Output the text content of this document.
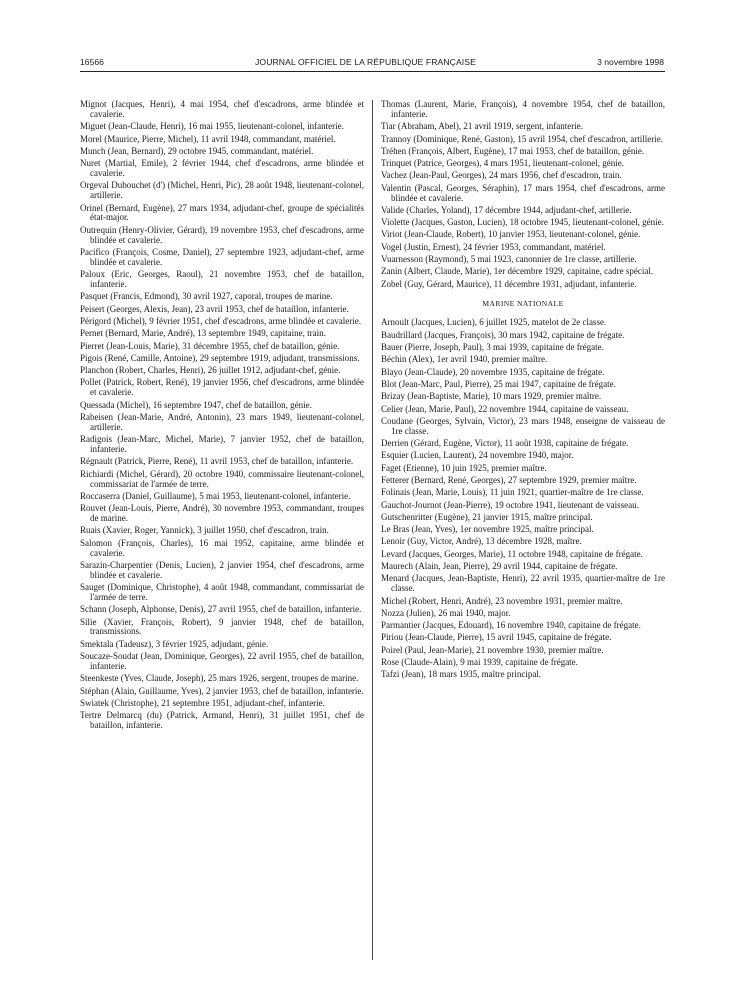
16566	JOURNAL OFFICIEL DE LA RÉPUBLIQUE FRANÇAISE	3 novembre 1998

Mignot (Jacques, Henri), 4 mai 1954, chef d'escadrons, arme blindée et cavalerie.

Miguet (Jean-Claude, Henri), 16 mai 1955, lieutenant-colonel, infanterie.

Morel (Maurice, Pierre, Michel), 11 avril 1948, commandant, matériel.

Munch (Jean, Bernard), 29 octobre 1945, commandant, matériel.

Nuret (Martial, Emile), 2 février 1944, chef d'escadrons, arme blindée et cavalerie.

Orgeval Dubouchet (d') (Michel, Henri, Pic), 28 août 1948, lieutenant-colonel, artillerie.

Orinel (Bernard, Eugène), 27 mars 1934, adjudant-chef, groupe de spécialités état-major.

Outrequin (Henry-Olivier, Gérard), 19 novembre 1953, chef d'escadrons, arme blindée et cavalerie.

Pacifico (François, Cosme, Daniel), 27 septembre 1923, adjudant-chef, arme blindée et cavalerie.

Paloux (Eric, Georges, Raoul), 21 novembre 1953, chef de bataillon, infanterie.

Pasquet (Francis, Edmond), 30 avril 1927, caporal, troupes de marine.

Peisert (Georges, Alexis, Jean), 23 avril 1953, chef de bataillon, infanterie.

Périgord (Michel), 9 février 1951, chef d'escadrons, arme blindée et cavalerie.

Pernet (Bernard, Marie, André), 13 septembre 1949, capitaine, train.

Pierret (Jean-Louis, Marie), 31 décembre 1955, chef de bataillon, génie.

Pigois (René, Camille, Antoine), 29 septembre 1919, adjudant, transmissions.

Planchon (Robert, Charles, Henri), 26 juillet 1912, adjudant-chef, génie.

Pollet (Patrick, Robert, René), 19 janvier 1956, chef d'escadrons, arme blindée et cavalerie.

Quessada (Michel), 16 septembre 1947, chef de bataillon, génie.

Rabeisen (Jean-Marie, André, Antonin), 23 mars 1949, lieutenant-colonel, artillerie.

Radigois (Jean-Marc, Michel, Marie), 7 janvier 1952, chef de bataillon, infanterie.

Régnault (Patrick, Pierre, René), 11 avril 1953, chef de bataillon, infanterie.

Richiardi (Michel, Gérard), 20 octobre 1940, commissaire lieutenant-colonel, commissariat de l'armée de terre.

Roccaserra (Daniel, Guillaume), 5 mai 1953, lieutenant-colonel, infanterie.

Rouvet (Jean-Louis, Pierre, André), 30 novembre 1953, commandant, troupes de marine.

Ruais (Xavier, Roger, Yannick), 3 juillet 1950, chef d'escadron, train.

Salomon (François, Charles), 16 mai 1952, capitaine, arme blindée et cavalerie.

Sarazin-Charpentier (Denis, Lucien), 2 janvier 1954, chef d'escadrons, arme blindée et cavalerie.

Sauget (Dominique, Christophe), 4 août 1948, commandant, commissariat de l'armée de terre.

Schann (Joseph, Alphonse, Denis), 27 avril 1955, chef de bataillon, infanterie.

Silie (Xavier, François, Robert), 9 janvier 1948, chef de bataillon, transmissions.

Smektala (Tadeusz), 3 février 1925, adjudant, génie.

Soucaze-Soudat (Jean, Dominique, Georges), 22 avril 1955, chef de bataillon, infanterie.

Steenkeste (Yves, Claude, Joseph), 25 mars 1926, sergent, troupes de marine.

Stéphan (Alain, Guillaume, Yves), 2 janvier 1953, chef de bataillon, infanterie.

Swiatek (Christophe), 21 septembre 1951, adjudant-chef, infanterie.

Tertre Delmarcq (du) (Patrick, Armand, Henri), 31 juillet 1951, chef de bataillon, infanterie.

Thomas (Laurent, Marie, François), 4 novembre 1954, chef de bataillon, infanterie.

Tiar (Abraham, Abel), 21 avril 1919, sergent, infanterie.

Trannoy (Dominique, René, Gaston), 15 avril 1954, chef d'escadron, artillerie.

Tréhen (François, Albert, Eugène), 17 mai 1953, chef de bataillon, génie.

Trinquet (Patrice, Georges), 4 mars 1951, lieutenant-colonel, génie.

Vachez (Jean-Paul, Georges), 24 mars 1956, chef d'escadron, train.

Valentin (Pascal, Georges, Séraphin), 17 mars 1954, chef d'escadrons, arme blindée et cavalerie.

Valide (Charles, Yoland), 17 décembre 1944, adjudant-chef, artillerie.

Violette (Jacques, Gaston, Lucien), 18 octobre 1945, lieutenant-colonel, génie.

Viriot (Jean-Claude, Robert), 10 janvier 1953, lieutenant-colonel, génie.

Vogel (Justin, Ernest), 24 février 1953, commandant, matériel.

Vuarnesson (Raymond), 5 mai 1923, canonnier de 1re classe, artillerie.

Zanin (Albert, Claude, Marie), 1er décembre 1929, capitaine, cadre spécial.

Zobel (Guy, Gérard, Maurice), 11 décembre 1931, adjudant, infanterie.

MARINE NATIONALE

Arnoult (Jacques, Lucien), 6 juillet 1925, matelot de 2e classe.

Baudrillard (Jacques, François), 30 mars 1942, capitaine de frégate.

Bauer (Pierre, Joseph, Paul), 3 mai 1939, capitaine de frégate.

Béchin (Alex), 1er avril 1940, premier maître.

Blayo (Jean-Claude), 20 novembre 1935, capitaine de frégate.

Blot (Jean-Marc, Paul, Pierre), 25 mai 1947, capitaine de frégate.

Brizay (Jean-Baptiste, Marie), 10 mars 1929, premier maître.

Celier (Jean, Marie, Paul), 22 novembre 1944, capitaine de vaisseau.

Coudane (Georges, Sylvain, Victor), 23 mars 1948, enseigne de vaisseau de 1re classe.

Derrien (Gérard, Eugène, Victor), 11 août 1938, capitaine de frégate.

Esquier (Lucien, Laurent), 24 novembre 1940, major.

Faget (Etienne), 10 juin 1925, premier maître.

Fetterer (Bernard, René, Georges), 27 septembre 1929, premier maître.

Folinais (Jean, Marie, Louis), 11 juin 1921, quartier-maître de 1re classe.

Gauchot-Journot (Jean-Pierre), 19 octobre 1941, lieutenant de vaisseau.

Gutschenritter (Eugène), 21 janvier 1915, maître principal.

Le Bras (Jean, Yves), 1er novembre 1925, maître principal.

Lenoir (Guy, Victor, André), 13 décembre 1928, maître.

Levard (Jacques, Georges, Marie), 11 octobre 1948, capitaine de frégate.

Maurech (Alain, Jean, Pierre), 29 avril 1944, capitaine de frégate.

Menard (Jacques, Jean-Baptiste, Henri), 22 avril 1935, quartier-maître de 1re classe.

Michel (Robert, Henri, André), 23 novembre 1931, premier maître.

Nozza (Julien), 26 mai 1940, major.

Parmantier (Jacques, Edouard), 16 novembre 1940, capitaine de frégate.

Piriou (Jean-Claude, Pierre), 15 avril 1945, capitaine de frégate.

Poirel (Paul, Jean-Marie), 21 novembre 1930, premier maître.

Rose (Claude-Alain), 9 mai 1939, capitaine de frégate.

Tafzi (Jean), 18 mars 1935, maître principal.
